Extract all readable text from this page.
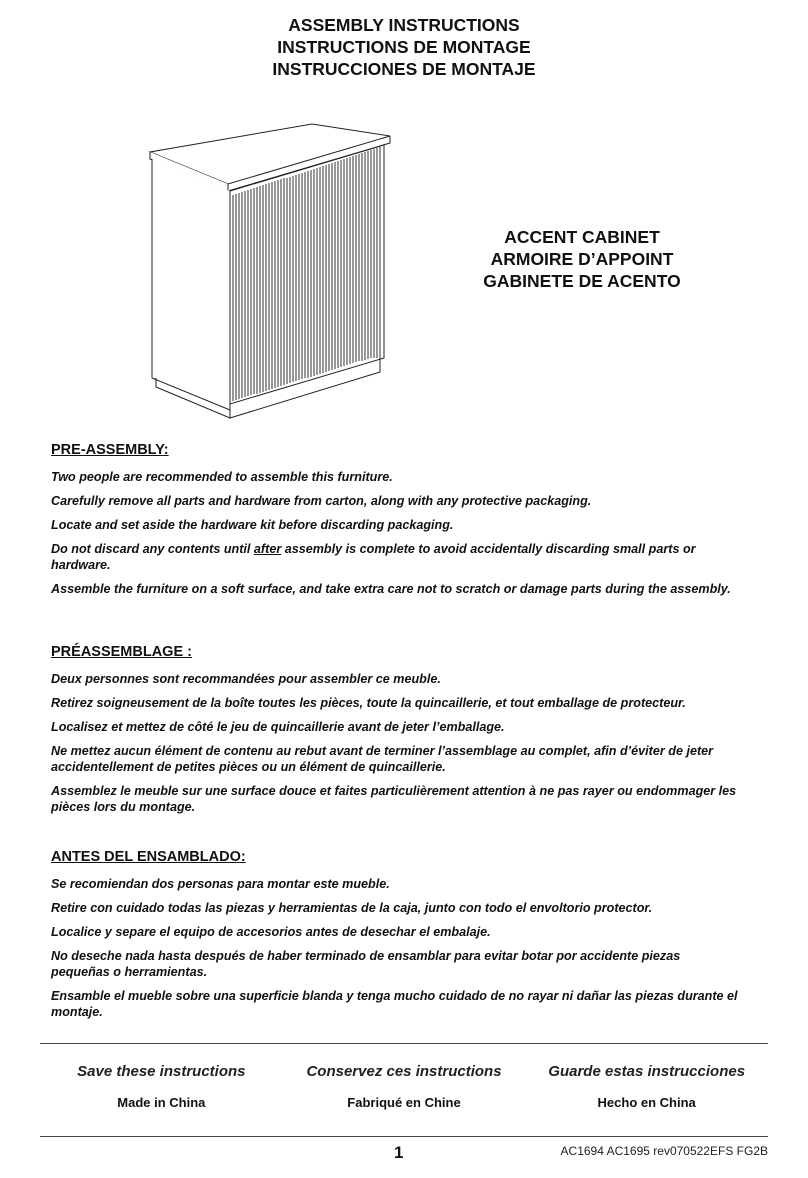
ASSEMBLY INSTRUCTIONS
INSTRUCTIONS DE MONTAGE
INSTRUCCIONES DE MONTAJE
ACCENT CABINET
ARMOIRE D’APPOINT
GABINETE DE ACENTO
PRE-ASSEMBLY:

Two people are recommended to assemble this furniture.

Carefully remove all parts and hardware from carton, along with any protective packaging.

Locate and set aside the hardware kit before discarding packaging.

Do not discard any contents until after assembly is complete to avoid accidentally discarding small parts or hardware.

Assemble the furniture on a soft surface, and take extra care not to scratch or damage parts during the assembly.

PRÉASSEMBLAGE :

Deux personnes sont recommandées pour assembler ce meuble.

Retirez soigneusement de la boîte toutes les pièces, toute la quincaillerie, et tout emballage de protecteur.

Localisez et mettez de côté le jeu de quincaillerie avant de jeter l’emballage.

Ne mettez aucun élément de contenu au rebut avant de terminer l’assemblage au complet, afin d’éviter de jeter accidentellement de petites pièces ou un élément de quincaillerie.

Assemblez le meuble sur une surface douce et faites particulièrement attention à ne pas rayer ou endommager les pièces lors du montage.

ANTES DEL ENSAMBLADO:

Se recomiendan dos personas para montar este mueble.

Retire con cuidado todas las piezas y herramientas de la caja, junto con todo el envoltorio protector.

Localice y separe el equipo de accesorios antes de desechar el embalaje.

No deseche nada hasta después de haber terminado de ensamblar para evitar botar por accidente piezas pequeñas o herramientas.

Ensamble el mueble sobre una superficie blanda y tenga mucho cuidado de no rayar ni dañar las piezas durante el montaje.

Save these instructions	Conservez ces instructions	Guarde estas instrucciones
Made in China	Fabriqué en Chine	Hecho en China
1	AC1694 AC1695 rev070522EFS FG2B
